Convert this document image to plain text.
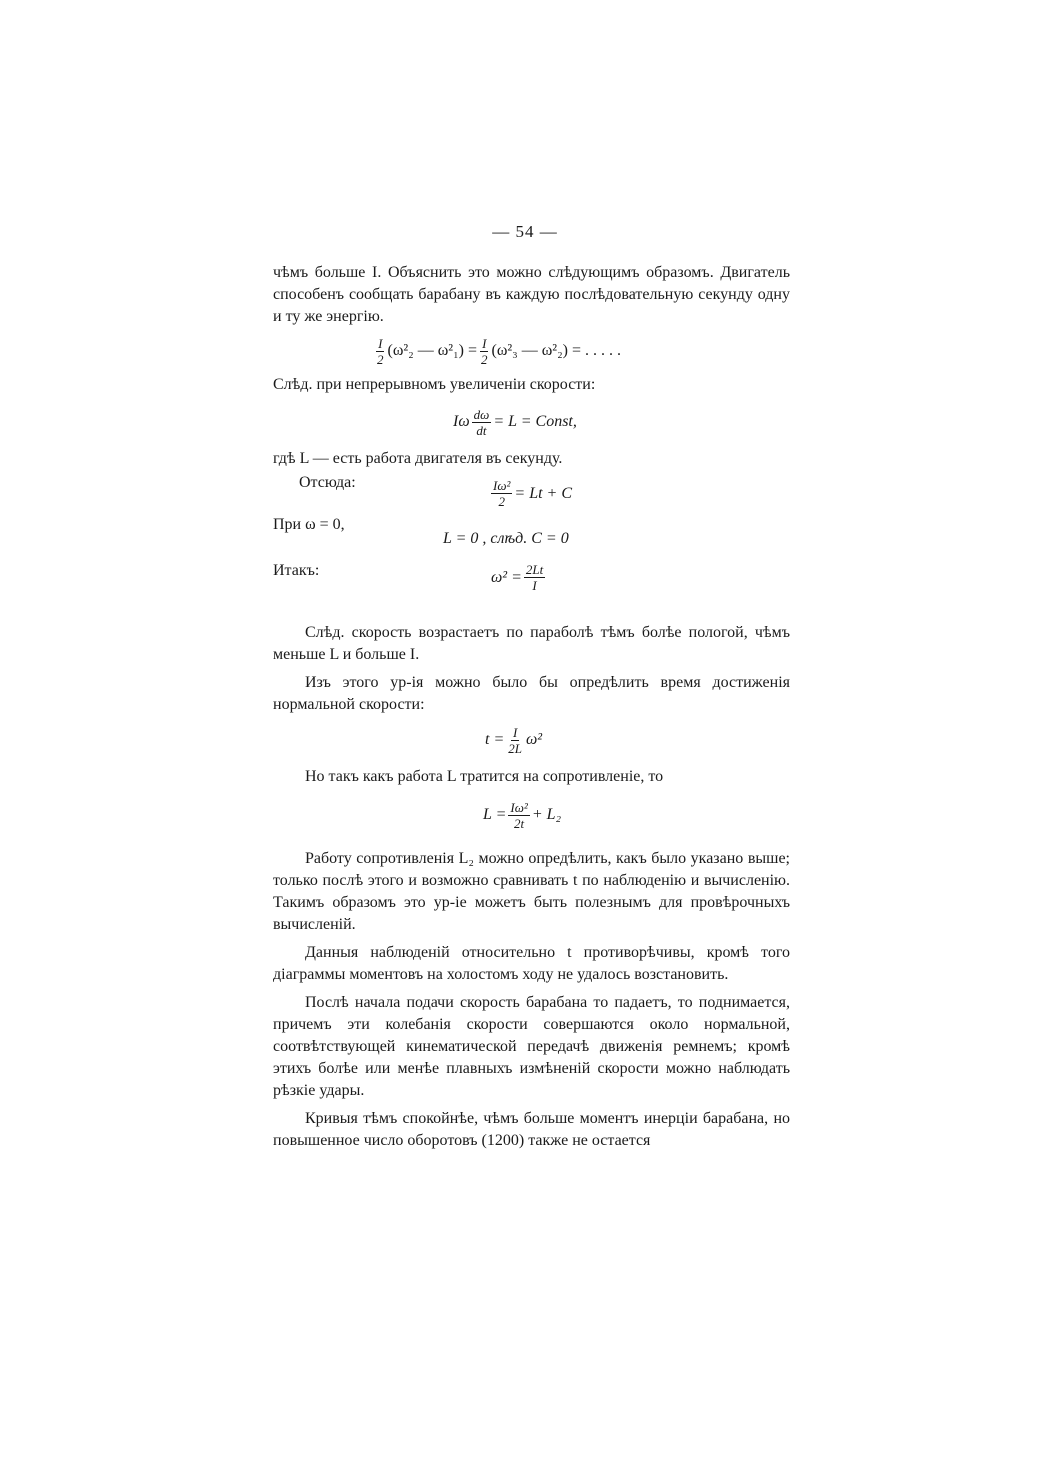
— 54 —

чѣмъ больше I. Объяснить это можно слѣдующимъ образомъ. Двигатель способенъ сообщать барабану въ каждую послѣдовательную секунду одну и ту же энергію.

$\frac{I}{2} (\omega^2_2$ — $\omega^2_1) = \frac{I}{2} (\omega^2_3$ — ω²₂) = . . . . .

Слѣд. при непрерывномъ увеличеніи скорости:

Iω $\frac{d\omega}{dt} = L$ = Const,

гдѣ L — есть работа двигателя въ секунду.

Отсюда:	$\frac{\text{Iω²}}{2} = Lt + C$
При ω = 0,
L = 0 , слѣд. C = 0
Итакъ:	$\omega^2 = \frac{2Lt}{I}$

Слѣд. скорость возрастаетъ по параболѣ тѣмъ болѣе пологой, чѣмъ меньше L и больше I.

Изъ этого ур-ія можно было бы опредѣлить время достиженія нормальной скорости:

$t = \frac{I}{2L} \omega^2$

Но такъ какъ работа L тратится на сопротивленіе, то

$L = \frac{\text{Iω²}}{2t} + L_2$

Работу сопротивленія L₂ можно опредѣлить, какъ было указано выше; только послѣ этого и возможно сравнивать t по наблюденію и вычисленію. Такимъ образомъ это ур-іе можетъ быть полезнымъ для провѣрочныхъ вычисленій.

Данныя наблюденій относительно t противорѣчивы, кромѣ того діаграммы моментовъ на холостомъ ходу не удалось возстановить.

Послѣ начала подачи скорость барабана то падаетъ, то поднимается, причемъ эти колебанія скорости совершаются около нормальной, соотвѣтствующей кинематической передачѣ движенія ремнемъ; кромѣ этихъ болѣе или менѣе плавныхъ измѣненій скорости можно наблюдать рѣзкіе удары.

Кривыя тѣмъ спокойнѣе, чѣмъ больше моментъ инерціи барабана, но повышенное число оборотовъ (1200) также не остается
